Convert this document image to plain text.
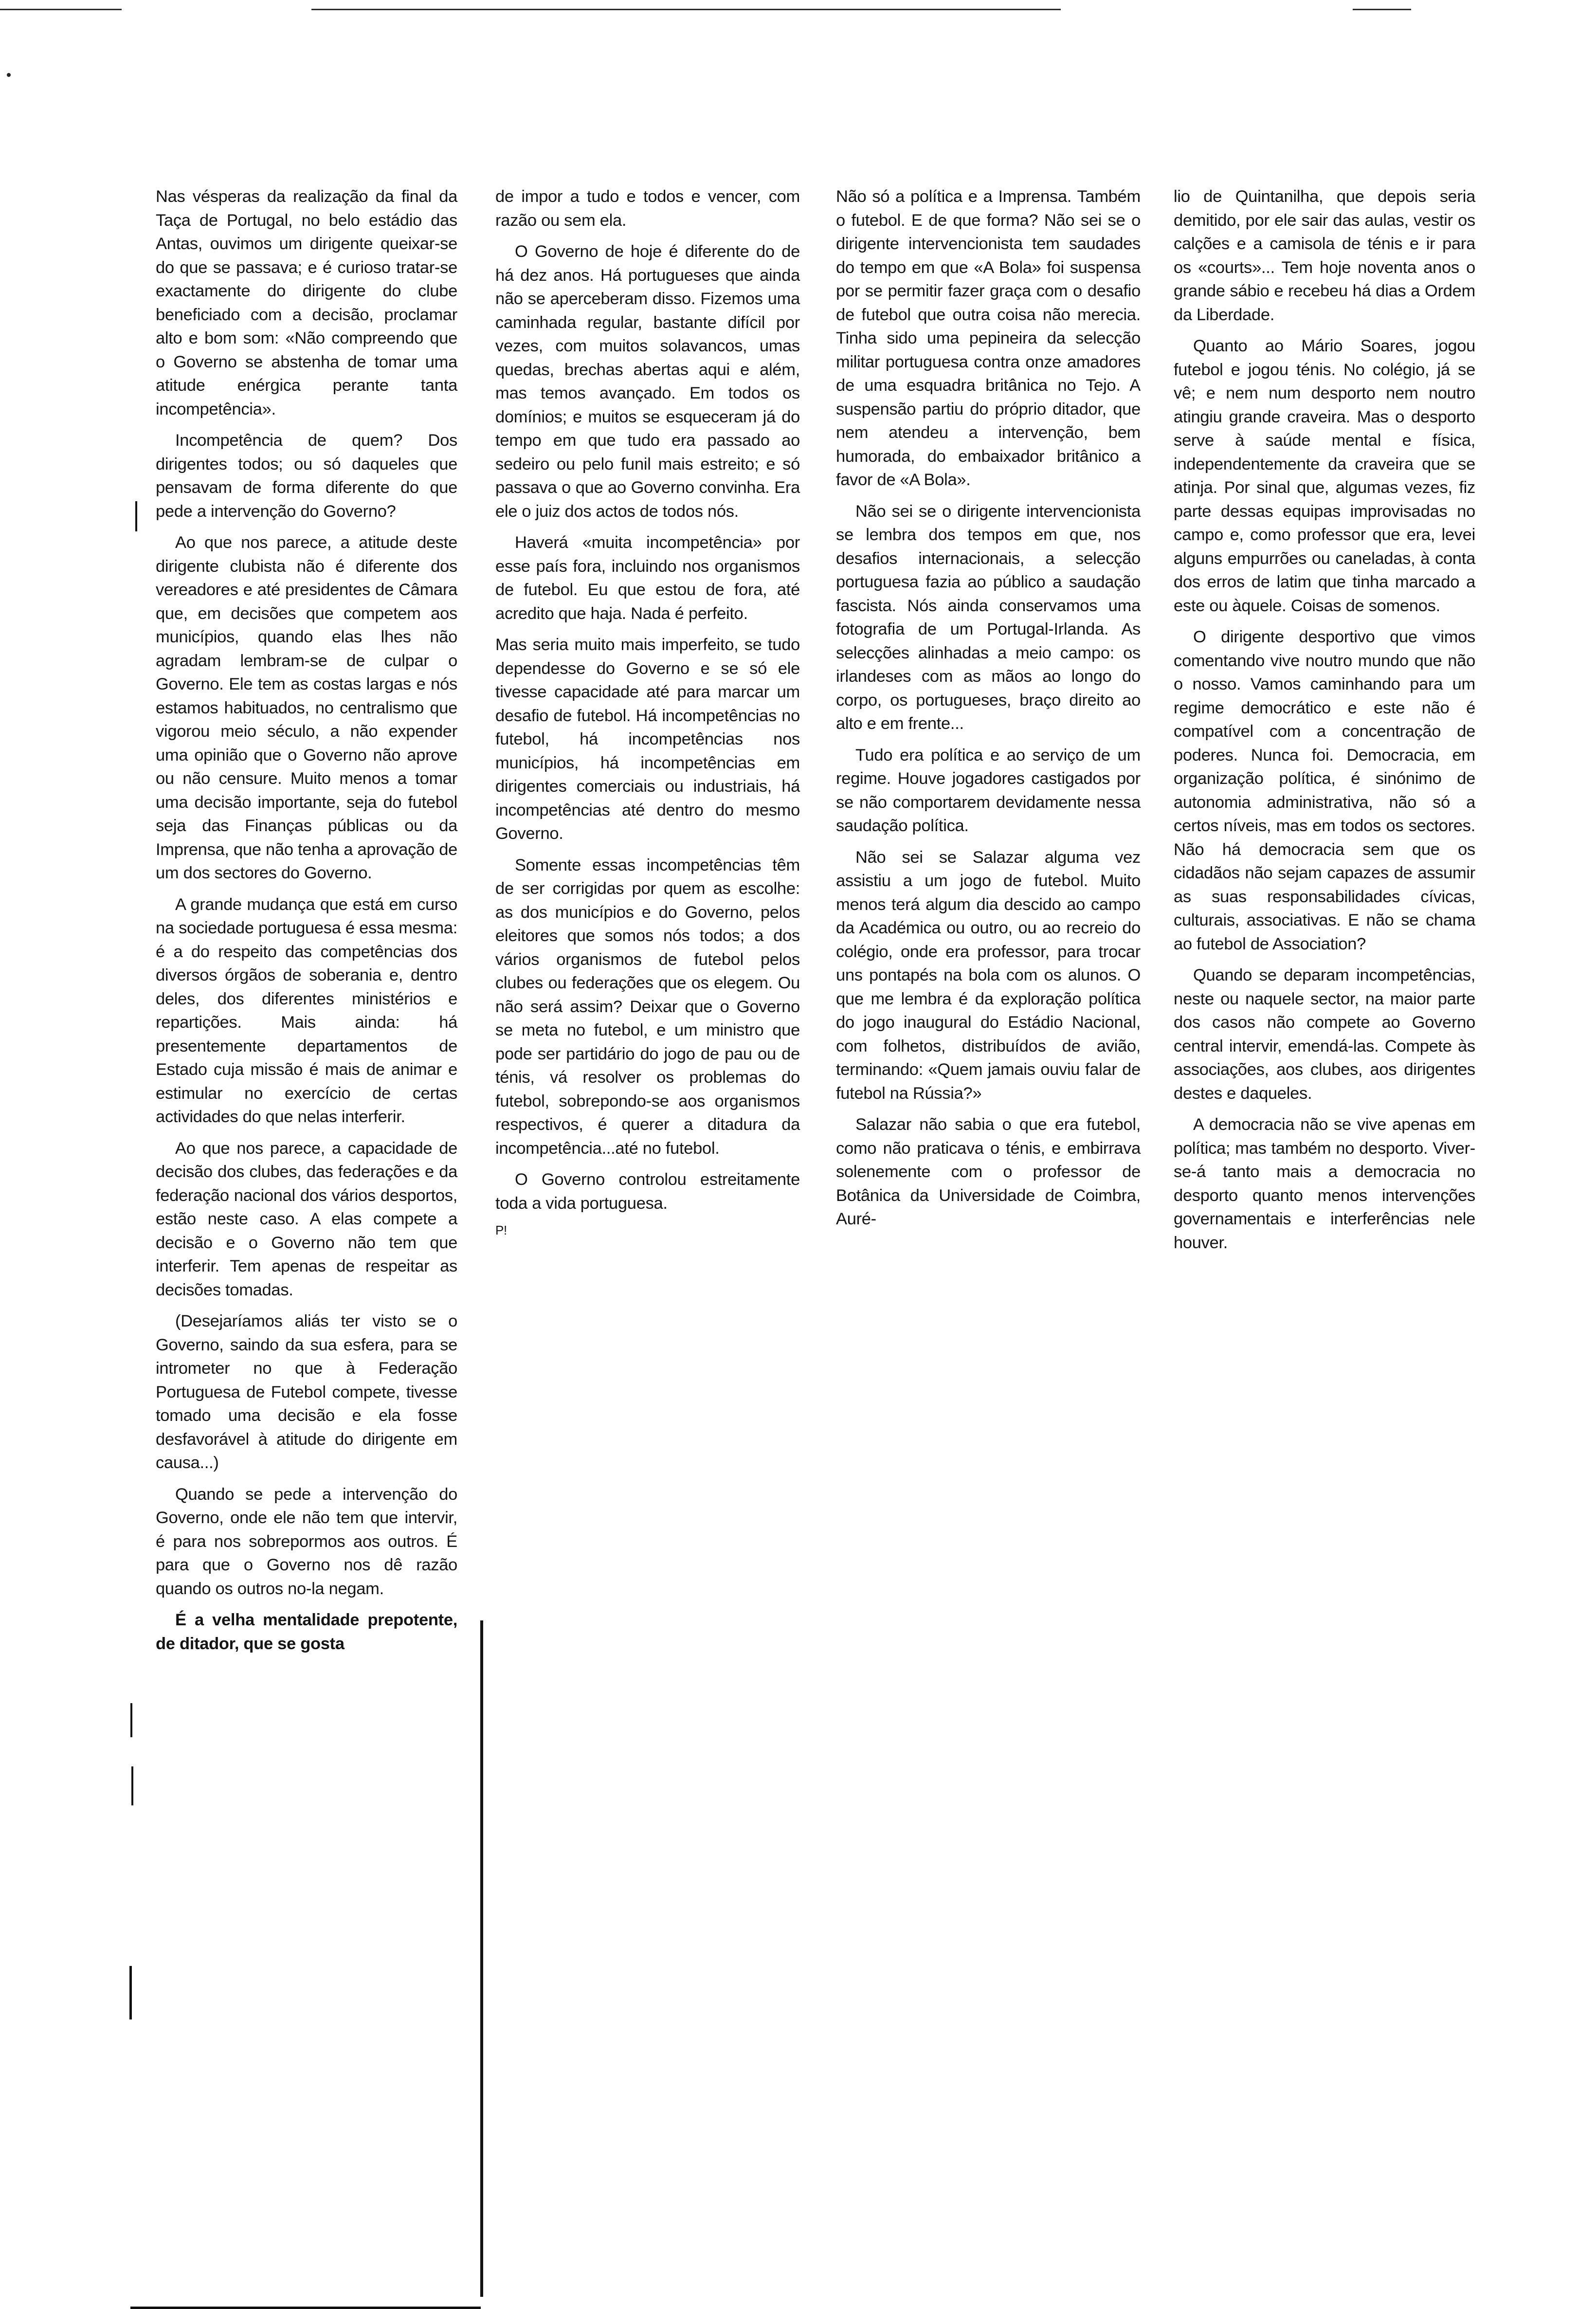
Nas vésperas da realização da final da Taça de Portugal, no belo estádio das Antas, ouvimos um dirigente queixar-se do que se passava; e é curioso tratar-se exactamente do dirigente do clube beneficiado com a decisão, proclamar alto e bom som: «Não compreendo que o Governo se abstenha de tomar uma atitude enérgica perante tanta incompetência».

Incompetência de quem? Dos dirigentes todos; ou só daqueles que pensavam de forma diferente do que pede a intervenção do Governo?

Ao que nos parece, a atitude deste dirigente clubista não é diferente dos vereadores e até presidentes de Câmara que, em decisões que competem aos municípios, quando elas lhes não agradam lembram-se de culpar o Governo. Ele tem as costas largas e nós estamos habituados, no centralismo que vigorou meio século, a não expender uma opinião que o Governo não aprove ou não censure. Muito menos a tomar uma decisão importante, seja do futebol seja das Finanças públicas ou da Imprensa, que não tenha a aprovação de um dos sectores do Governo.

A grande mudança que está em curso na sociedade portuguesa é essa mesma: é a do respeito das competências dos diversos órgãos de soberania e, dentro deles, dos diferentes ministérios e repartições. Mais ainda: há presentemente departamentos de Estado cuja missão é mais de animar e estimular no exercício de certas actividades do que nelas interferir.

Ao que nos parece, a capacidade de decisão dos clubes, das federações e da federação nacional dos vários desportos, estão neste caso. A elas compete a decisão e o Governo não tem que interferir. Tem apenas de respeitar as decisões tomadas.

(Desejaríamos aliás ter visto se o Governo, saindo da sua esfera, para se intrometer no que à Federação Portuguesa de Futebol compete, tivesse tomado uma decisão e ela fosse desfavorável à atitude do dirigente em causa...)

Quando se pede a intervenção do Governo, onde ele não tem que intervir, é para nos sobrepormos aos outros. É para que o Governo nos dê razão quando os outros no-la negam.

É a velha mentalidade prepotente, de ditador, que se gosta

de impor a tudo e todos e vencer, com razão ou sem ela.

O Governo de hoje é diferente do de há dez anos. Há portugueses que ainda não se aperceberam disso. Fizemos uma caminhada regular, bastante difícil por vezes, com muitos solavancos, umas quedas, brechas abertas aqui e além, mas temos avançado. Em todos os domínios; e muitos se esqueceram já do tempo em que tudo era passado ao sedeiro ou pelo funil mais estreito; e só passava o que ao Governo convinha. Era ele o juiz dos actos de todos nós.

Haverá «muita incompetência» por esse país fora, incluindo nos organismos de futebol. Eu que estou de fora, até acredito que haja. Nada é perfeito.

Mas seria muito mais imperfeito, se tudo dependesse do Governo e se só ele tivesse capacidade até para marcar um desafio de futebol. Há incompetências no futebol, há incompetências nos municípios, há incompetências em dirigentes comerciais ou industriais, há incompetências até dentro do mesmo Governo.

Somente essas incompetências têm de ser corrigidas por quem as escolhe: as dos municípios e do Governo, pelos eleitores que somos nós todos; a dos vários organismos de futebol pelos clubes ou federações que os elegem. Ou não será assim? Deixar que o Governo se meta no futebol, e um ministro que pode ser partidário do jogo de pau ou de ténis, vá resolver os problemas do futebol, sobrepondo-se aos organismos respectivos, é querer a ditadura da incompetência...até no futebol.

O Governo controlou estreitamente toda a vida portuguesa.

P!

Não só a política e a Imprensa. Também o futebol. E de que forma? Não sei se o dirigente intervencionista tem saudades do tempo em que «A Bola» foi suspensa por se permitir fazer graça com o desafio de futebol que outra coisa não merecia. Tinha sido uma pepineira da selecção militar portuguesa contra onze amadores de uma esquadra britânica no Tejo. A suspensão partiu do próprio ditador, que nem atendeu a intervenção, bem humorada, do embaixador britânico a favor de «A Bola».

Não sei se o dirigente intervencionista se lembra dos tempos em que, nos desafios internacionais, a selecção portuguesa fazia ao público a saudação fascista. Nós ainda conservamos uma fotografia de um Portugal-Irlanda. As selecções alinhadas a meio campo: os irlandeses com as mãos ao longo do corpo, os portugueses, braço direito ao alto e em frente...

Tudo era política e ao serviço de um regime. Houve jogadores castigados por se não comportarem devidamente nessa saudação política.

Não sei se Salazar alguma vez assistiu a um jogo de futebol. Muito menos terá algum dia descido ao campo da Académica ou outro, ou ao recreio do colégio, onde era professor, para trocar uns pontapés na bola com os alunos. O que me lembra é da exploração política do jogo inaugural do Estádio Nacional, com folhetos, distribuídos de avião, terminando: «Quem jamais ouviu falar de futebol na Rússia?»

Salazar não sabia o que era futebol, como não praticava o ténis, e embirrava solenemente com o professor de Botânica da Universidade de Coimbra, Auré-

lio de Quintanilha, que depois seria demitido, por ele sair das aulas, vestir os calções e a camisola de ténis e ir para os «courts»... Tem hoje noventa anos o grande sábio e recebeu há dias a Ordem da Liberdade.

Quanto ao Mário Soares, jogou futebol e jogou ténis. No colégio, já se vê; e nem num desporto nem noutro atingiu grande craveira. Mas o desporto serve à saúde mental e física, independentemente da craveira que se atinja. Por sinal que, algumas vezes, fiz parte dessas equipas improvisadas no campo e, como professor que era, levei alguns empurrões ou caneladas, à conta dos erros de latim que tinha marcado a este ou àquele. Coisas de somenos.

O dirigente desportivo que vimos comentando vive noutro mundo que não o nosso. Vamos caminhando para um regime democrático e este não é compatível com a concentração de poderes. Nunca foi. Democracia, em organização política, é sinónimo de autonomia administrativa, não só a certos níveis, mas em todos os sectores. Não há democracia sem que os cidadãos não sejam capazes de assumir as suas responsabilidades cívicas, culturais, associativas. E não se chama ao futebol de Association?

Quando se deparam incompetências, neste ou naquele sector, na maior parte dos casos não compete ao Governo central intervir, emendá-las. Compete às associações, aos clubes, aos dirigentes destes e daqueles.

A democracia não se vive apenas em política; mas também no desporto. Viver-se-á tanto mais a democracia no desporto quanto menos intervenções governamentais e interferências nele houver.
